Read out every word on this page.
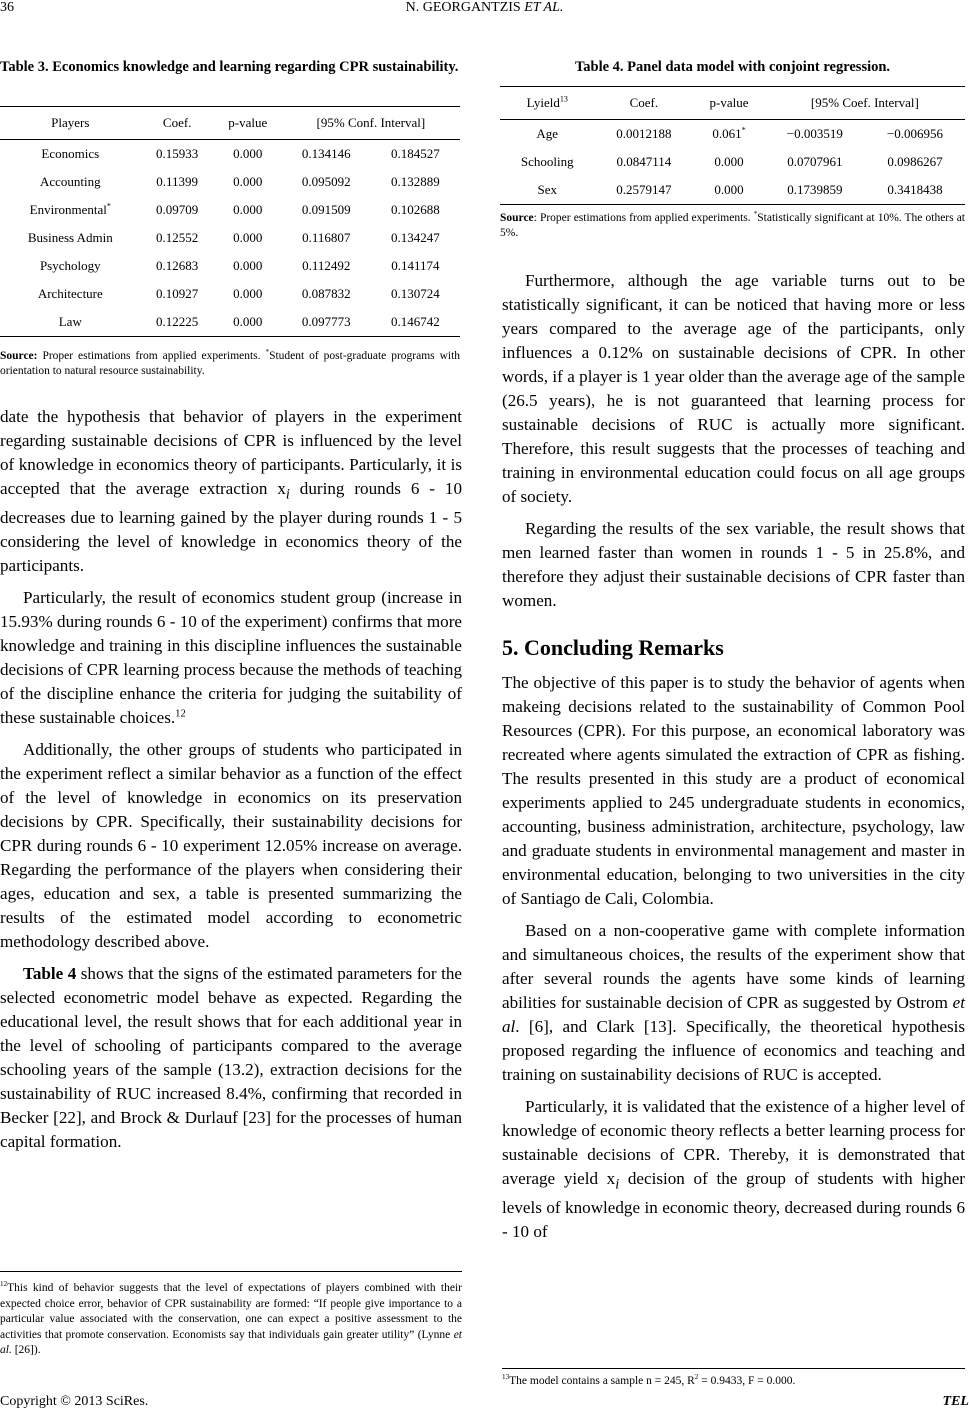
36	N. GEORGANTZIS ET AL.
Table 3. Economics knowledge and learning regarding CPR sustainability.
Players	Coef.	p-value	[95% Conf. Interval]	
Economics	0.15933	0.000	0.134146	0.184527
Accounting	0.11399	0.000	0.095092	0.132889
Environmental*	0.09709	0.000	0.091509	0.102688
Business Admin	0.12552	0.000	0.116807	0.134247
Psychology	0.12683	0.000	0.112492	0.141174
Architecture	0.10927	0.000	0.087832	0.130724
Law	0.12225	0.000	0.097773	0.146742
Source: Proper estimations from applied experiments. *Student of post-graduate programs with orientation to natural resource sustainability.
Table 4. Panel data model with conjoint regression.
Lyield$^{13}$	Coef.	p-value	[95% Coef. Interval]	
Age	0.0012188	0.061*	−0.003519	−0.006956
Schooling	0.0847114	0.000	0.0707961	0.0986267
Sex	0.2579147	0.000	0.1739859	0.3418438
Source: Proper estimations from applied experiments. *Statistically significant at 10%. The others at 5%.

date the hypothesis that behavior of players in the experiment regarding sustainable decisions of CPR is influenced by the level of knowledge in economics theory of participants. Particularly, it is accepted that the average extraction $x_i$ during rounds 6 - 10 decreases due to learning gained by the player during rounds 1 - 5 considering the level of knowledge in economics theory of the participants.

Particularly, the result of economics student group (increase in 15.93% during rounds 6 - 10 of the experiment) confirms that more knowledge and training in this discipline influences the sustainable decisions of CPR learning process because the methods of teaching of the discipline enhance the criteria for judging the suitability of these sustainable choices.$^{12}$

Additionally, the other groups of students who participated in the experiment reflect a similar behavior as a function of the effect of the level of knowledge in economics on its preservation decisions by CPR. Specifically, their sustainability decisions for CPR during rounds 6 - 10 experiment 12.05% increase on average. Regarding the performance of the players when considering their ages, education and sex, a table is presented summarizing the results of the estimated model according to econometric methodology described above.

Table 4 shows that the signs of the estimated parameters for the selected econometric model behave as expected. Regarding the educational level, the result shows that for each additional year in the level of schooling of participants compared to the average schooling years of the sample (13.2), extraction decisions for the sustainability of RUC increased 8.4%, confirming that recorded in Becker [22], and Brock & Durlauf [23] for the processes of human capital formation.

$^{12}$This kind of behavior suggests that the level of expectations of players combined with their expected choice error, behavior of CPR sustainability are formed: “If people give importance to a particular value associated with the conservation, one can expect a positive assessment to the activities that promote conservation. Economists say that individuals gain greater utility” (Lynne et al. [26]).

Furthermore, although the age variable turns out to be statistically significant, it can be noticed that having more or less years compared to the average age of the participants, only influences a 0.12% on sustainable decisions of CPR. In other words, if a player is 1 year older than the average age of the sample (26.5 years), he is not guaranteed that learning process for sustainable decisions of RUC is actually more significant. Therefore, this result suggests that the processes of teaching and training in environmental education could focus on all age groups of society.

Regarding the results of the sex variable, the result shows that men learned faster than women in rounds 1 - 5 in 25.8%, and therefore they adjust their sustainable decisions of CPR faster than women.

5. Concluding Remarks

The objective of this paper is to study the behavior of agents when makeing decisions related to the sustainability of Common Pool Resources (CPR). For this purpose, an economical laboratory was recreated where agents simulated the extraction of CPR as fishing. The results presented in this study are a product of economical experiments applied to 245 undergraduate students in economics, accounting, business administration, architecture, psychology, law and graduate students in environmental management and master in environmental education, belonging to two universities in the city of Santiago de Cali, Colombia.

Based on a non-cooperative game with complete information and simultaneous choices, the results of the experiment show that after several rounds the agents have some kinds of learning abilities for sustainable decision of CPR as suggested by Ostrom et al. [6], and Clark [13]. Specifically, the theoretical hypothesis proposed regarding the influence of economics and teaching and training on sustainability decisions of RUC is accepted.

Particularly, it is validated that the existence of a higher level of knowledge of economic theory reflects a better learning process for sustainable decisions of CPR. Thereby, it is demonstrated that average yield $x_i$ decision of the group of students with higher levels of knowledge in economic theory, decreased during rounds 6 - 10 of

$^{13}$The model contains a sample n = 245, $R^2 = 0.9433$, F = 0.000.
Copyright © 2013 SciRes.	TEL
